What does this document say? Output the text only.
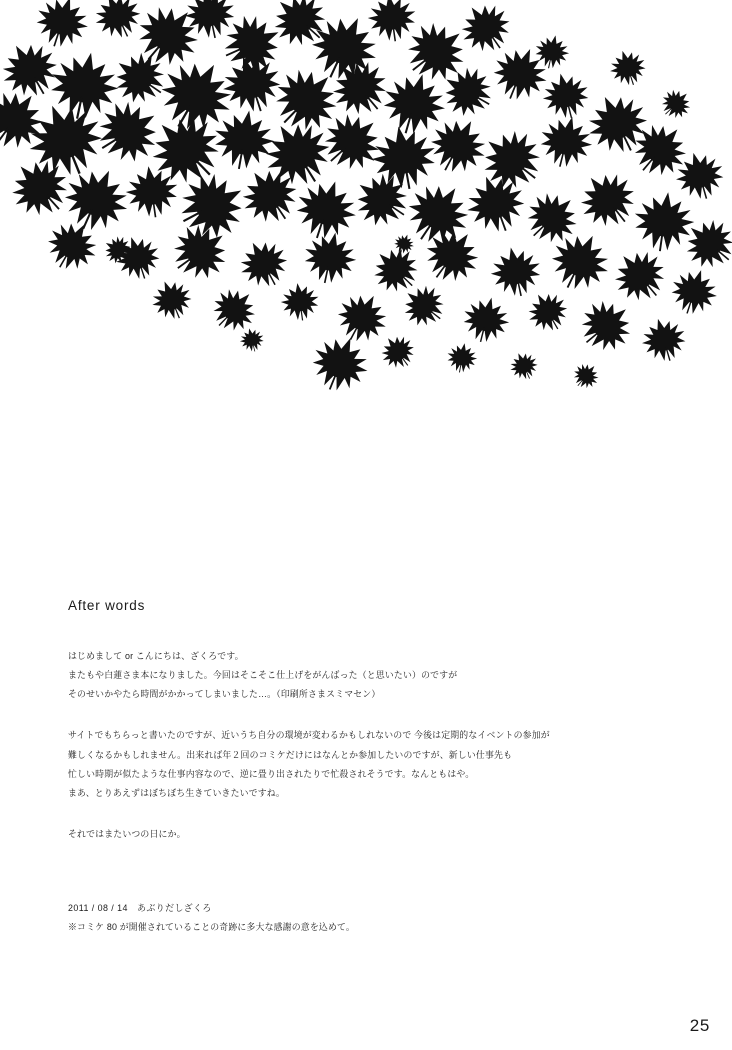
After words

はじめまして or こんにちは、ざくろです。
またもや白蓮さま本になりました。今回はそこそこ仕上げをがんばった（と思いたい）のですが
そのせいかやたら時間がかかってしまいました…。（印刷所さまスミマセン）

サイトでもちらっと書いたのですが、近いうち自分の環境が変わるかもしれないので 今後は定期的なイベントの参加が
難しくなるかもしれません。出来れば年２回のコミケだけにはなんとか参加したいのですが、新しい仕事先も
忙しい時期が似たような仕事内容なので、逆に畳り出されたりで忙殺されそうです。なんともはや。
まあ、とりあえずはぼちぼち生きていきたいですね。

それではまたいつの日にか。

2011 / 08 / 14　あぶりだしざくろ
※コミケ 80 が開催されていることの奇跡に多大な感謝の意を込めて。
25
